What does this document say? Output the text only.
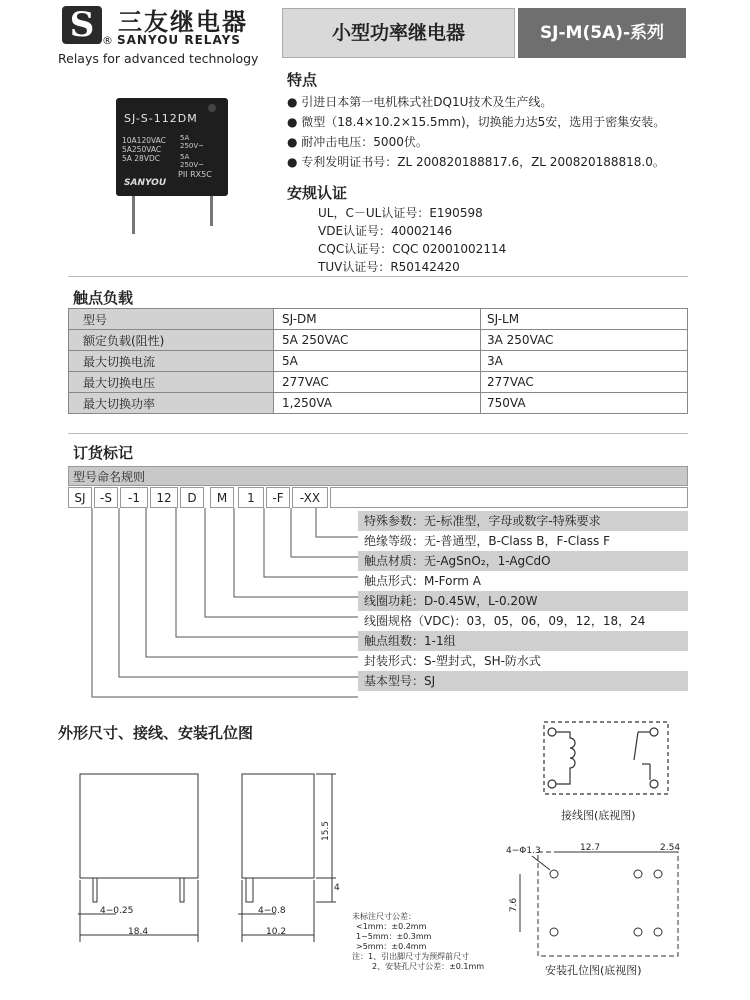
S 三友继电器
® SANYOU RELAYS
Relays for advanced technology
小型功率继电器	SJ-M(5A)-系列
SJ-S-112DM
10A120VAC
5A250VAC
5A 28VDC
5A
250V~
5A
250V~
PII RX5C
SANYOU
特点
● 引进日本第一电机株式社DQ1U技术及生产线。
● 微型（18.4×10.2×15.5mm)，切换能力达5安，选用于密集安装。
● 耐冲击电压：5000伏。
● 专利发明证书号：ZL 200820188817.6，ZL 200820188818.0。
安规认证
UL，C－UL认证号：E190598
VDE认证号：40002146
CQC认证号：CQC 02001002114
TUV认证号：R50142420
触点负载
型号	SJ-DM	SJ-LM
额定负载(阻性)	5A 250VAC	3A 250VAC
最大切换电流	5A	3A
最大切换电压	277VAC	277VAC
最大切换功率	1,250VA	750VA
订货标记
型号命名规则
SJ	-S	-1	12	D	M	1	-F	-XX
特殊参数：无-标准型，字母或数字-特殊要求
绝缘等级：无-普通型，B-Class B，F-Class F
触点材质：无-AgSnO₂，1-AgCdO
触点形式：M-Form A
线圈功耗：D-0.45W，L-0.20W
线圈规格（VDC)：03，05，06，09，12，18，24
触点组数：1-1组
封装形式：S-塑封式，SH-防水式
基本型号：SJ
外形尺寸、接线、安装孔位图
4−0.25
18.4
4−0.8
10.2
15.5
4
未标注尺寸公差：
<1mm：±0.2mm
1~5mm：±0.3mm
>5mm：±0.4mm
注：1、引出脚尺寸为预焊前尺寸
2、安装孔尺寸公差：±0.1mm
接线图(底视图)
4−Φ1.3	12.7	2.54
7.6
安装孔位图(底视图)
